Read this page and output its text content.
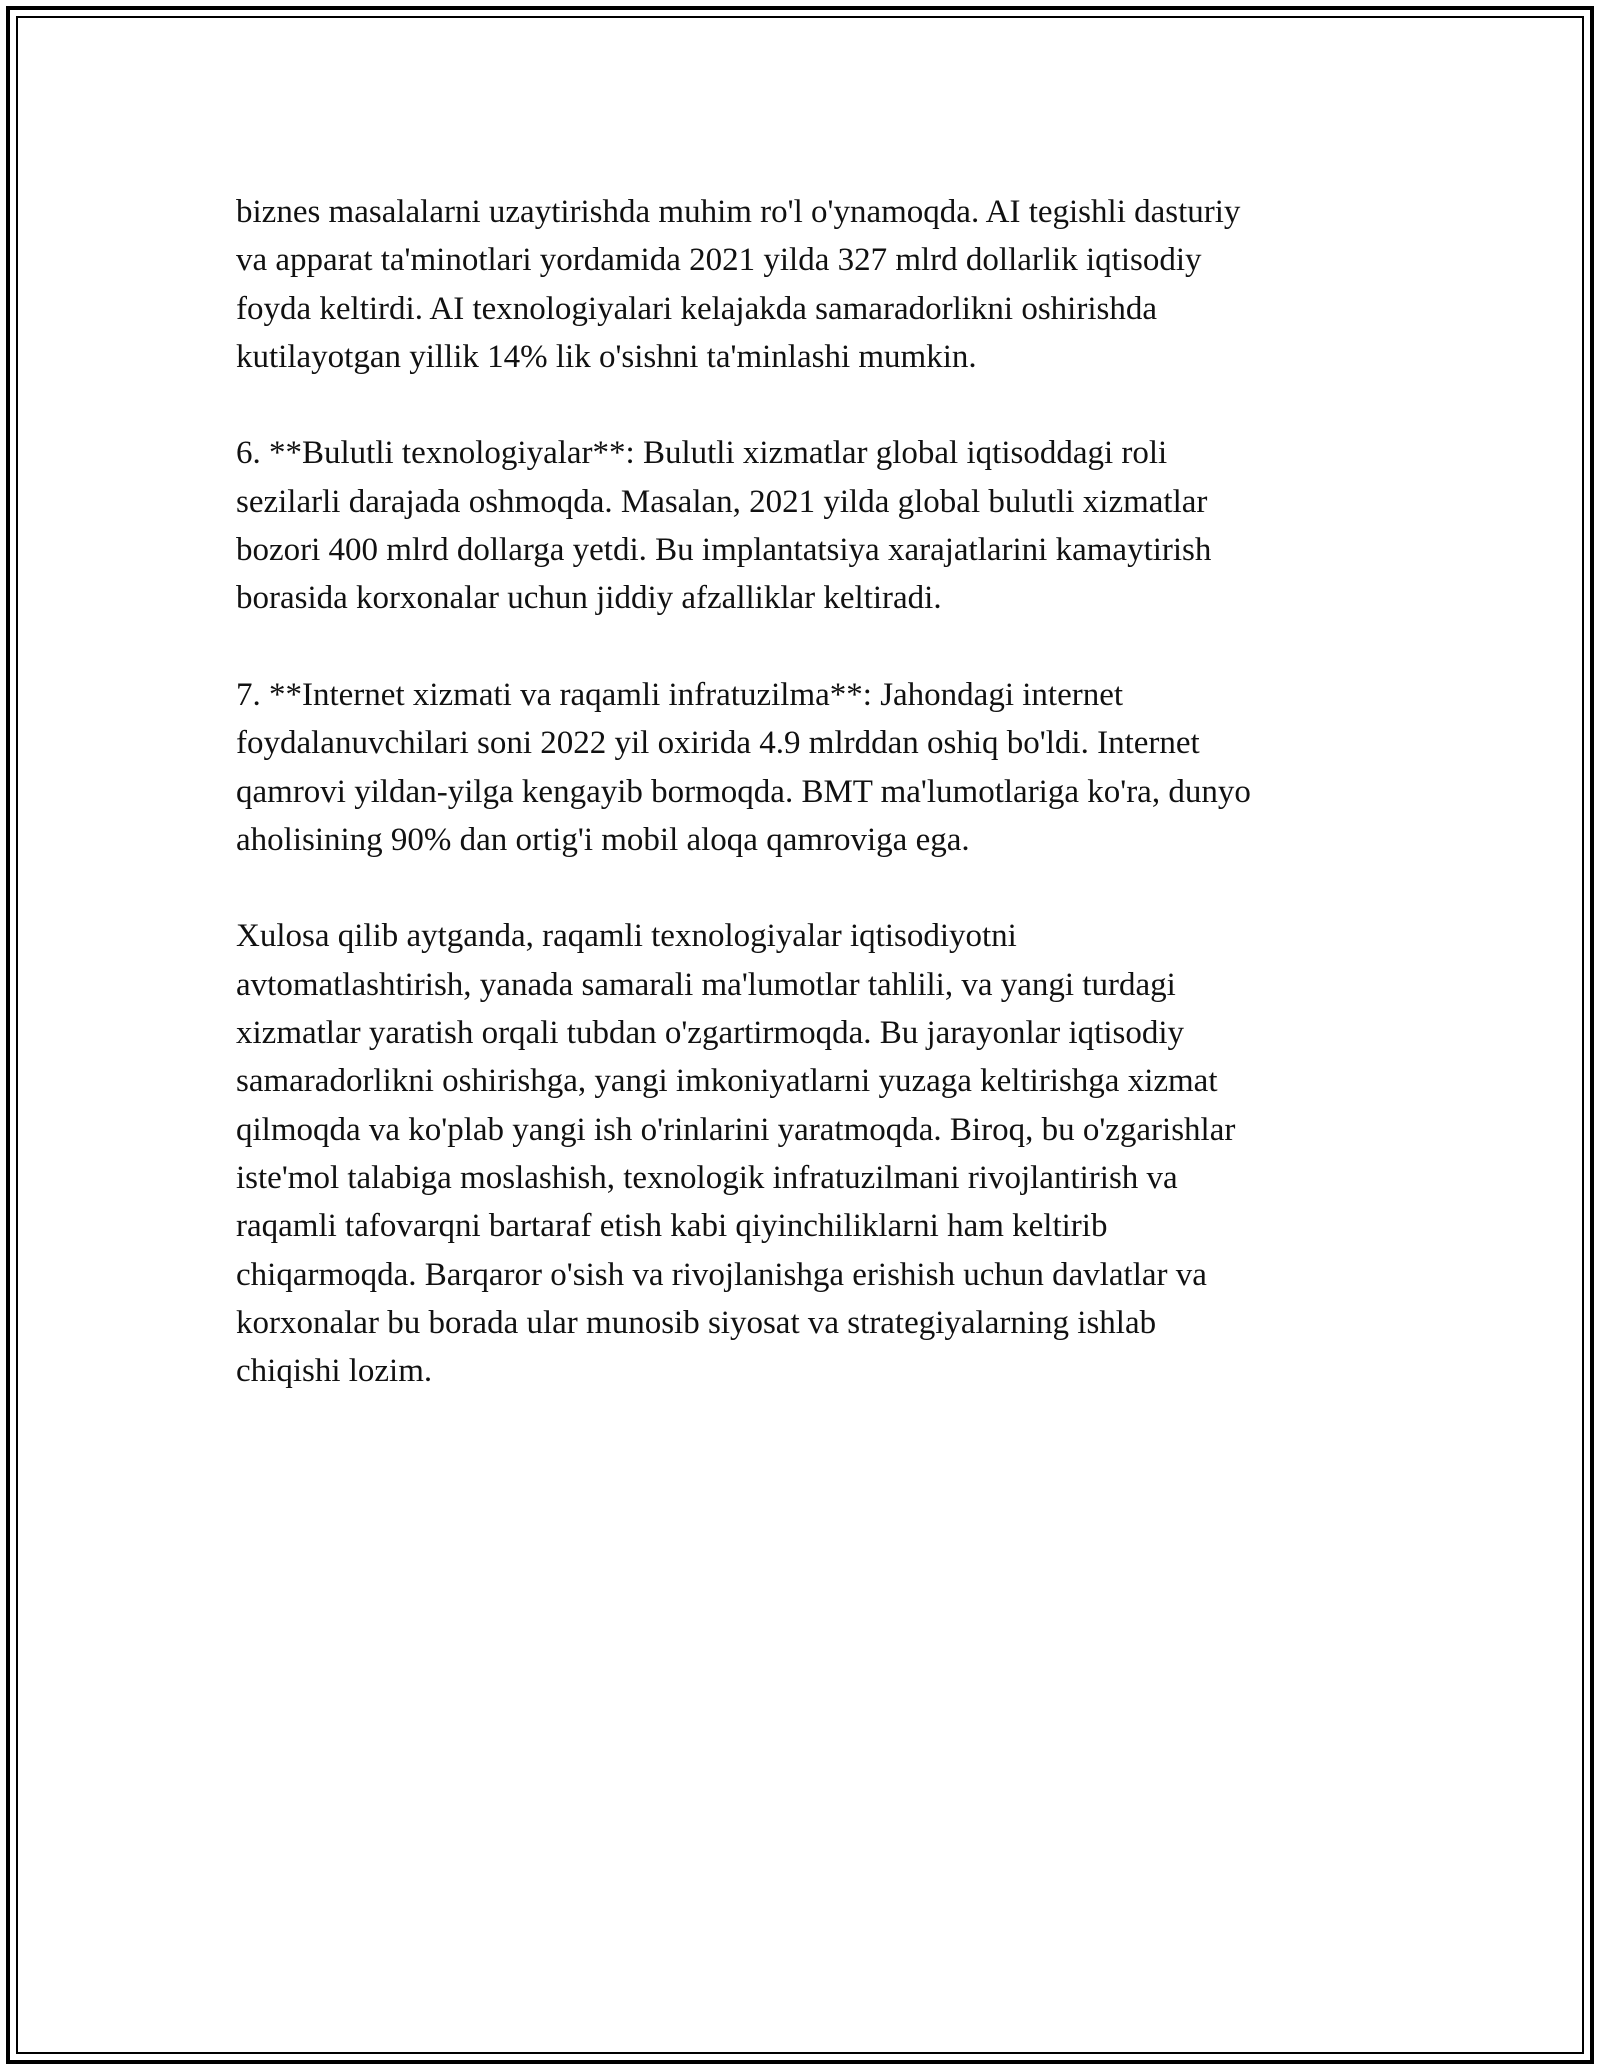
biznes masalalarni uzaytirishda muhim ro'l o'ynamoqda. AI tegishli dasturiy
va apparat ta'minotlari yordamida 2021 yilda 327 mlrd dollarlik iqtisodiy
foyda keltirdi. AI texnologiyalari kelajakda samaradorlikni oshirishda
kutilayotgan yillik 14% lik o'sishni ta'minlashi mumkin.

6. **Bulutli texnologiyalar**: Bulutli xizmatlar global iqtisoddagi roli
sezilarli darajada oshmoqda. Masalan, 2021 yilda global bulutli xizmatlar
bozori 400 mlrd dollarga yetdi. Bu implantatsiya xarajatlarini kamaytirish
borasida korxonalar uchun jiddiy afzalliklar keltiradi.

7. **Internet xizmati va raqamli infratuzilma**: Jahondagi internet
foydalanuvchilari soni 2022 yil oxirida 4.9 mlrddan oshiq bo'ldi. Internet
qamrovi yildan-yilga kengayib bormoqda. BMT ma'lumotlariga ko'ra, dunyo
aholisining 90% dan ortig'i mobil aloqa qamroviga ega.

Xulosa qilib aytganda, raqamli texnologiyalar iqtisodiyotni
avtomatlashtirish, yanada samarali ma'lumotlar tahlili, va yangi turdagi
xizmatlar yaratish orqali tubdan o'zgartirmoqda. Bu jarayonlar iqtisodiy
samaradorlikni oshirishga, yangi imkoniyatlarni yuzaga keltirishga xizmat
qilmoqda va ko'plab yangi ish o'rinlarini yaratmoqda. Biroq, bu o'zgarishlar
iste'mol talabiga moslashish, texnologik infratuzilmani rivojlantirish va
raqamli tafovarqni bartaraf etish kabi qiyinchiliklarni ham keltirib
chiqarmoqda. Barqaror o'sish va rivojlanishga erishish uchun davlatlar va
korxonalar bu borada ular munosib siyosat va strategiyalarning ishlab
chiqishi lozim.
